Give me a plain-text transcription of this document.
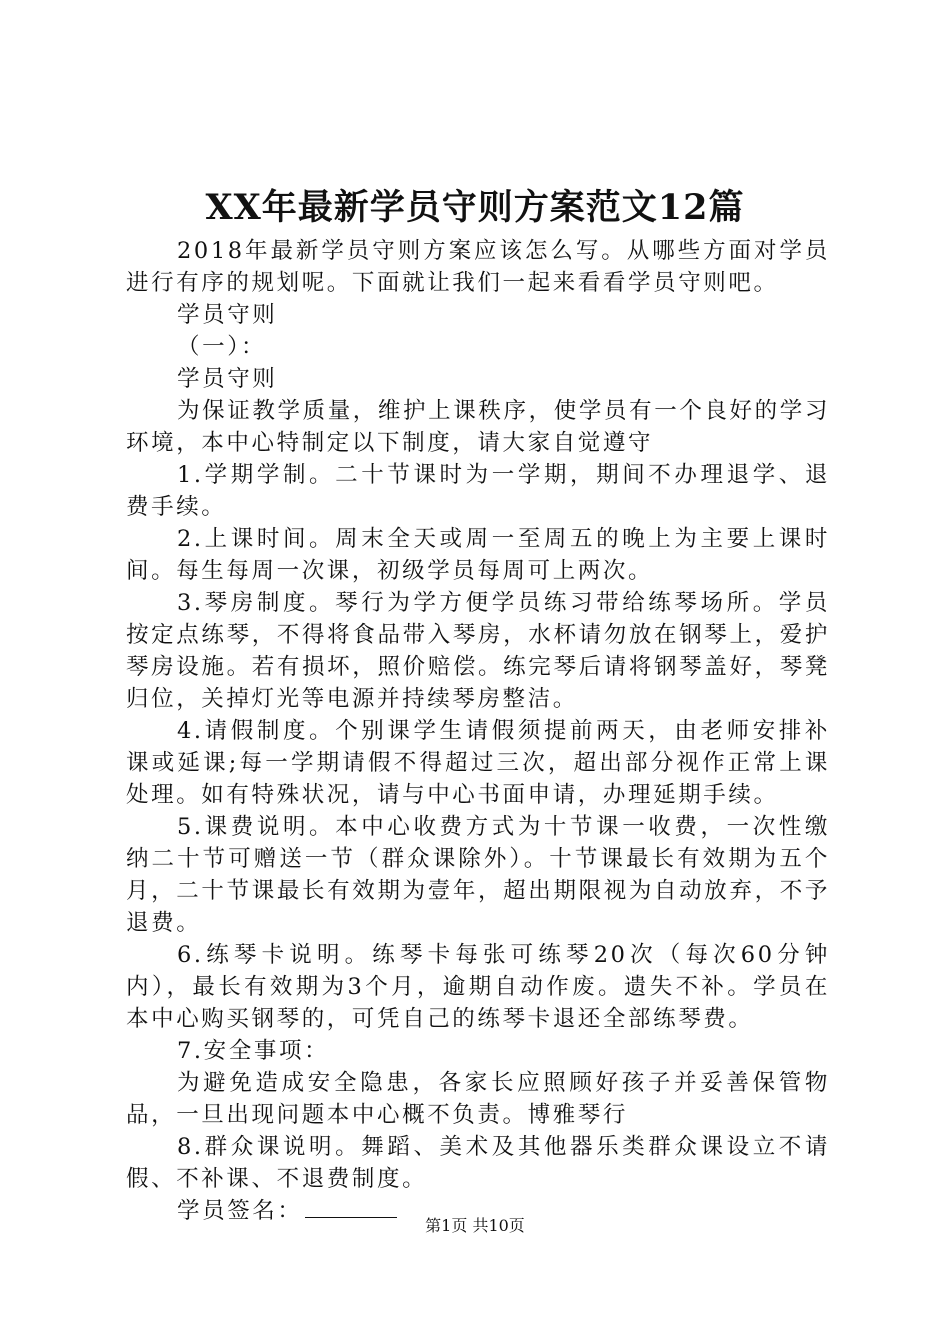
XX年最新学员守则方案范文12篇

2018年最新学员守则方案应该怎么写。从哪些方面对学员进行有序的规划呢。下面就让我们一起来看看学员守则吧。

学员守则

（一）：

学员守则

为保证教学质量，维护上课秩序，使学员有一个良好的学习环境，本中心特制定以下制度，请大家自觉遵守

1.学期学制。二十节课时为一学期，期间不办理退学、退费手续。

2.上课时间。周末全天或周一至周五的晚上为主要上课时间。每生每周一次课，初级学员每周可上两次。

3.琴房制度。琴行为学方便学员练习带给练琴场所。学员按定点练琴，不得将食品带入琴房，水杯请勿放在钢琴上，爱护琴房设施。若有损坏，照价赔偿。练完琴后请将钢琴盖好，琴凳归位，关掉灯光等电源并持续琴房整洁。

4.请假制度。个别课学生请假须提前两天，由老师安排补课或延课;每一学期请假不得超过三次，超出部分视作正常上课处理。如有特殊状况，请与中心书面申请，办理延期手续。

5.课费说明。本中心收费方式为十节课一收费，一次性缴纳二十节可赠送一节（群众课除外）。十节课最长有效期为五个月，二十节课最长有效期为壹年，超出期限视为自动放弃，不予退费。

6.练琴卡说明。练琴卡每张可练琴20次（每次60分钟内），最长有效期为3个月，逾期自动作废。遗失不补。学员在本中心购买钢琴的，可凭自己的练琴卡退还全部练琴费。

7.安全事项：

为避免造成安全隐患，各家长应照顾好孩子并妥善保管物品，一旦出现问题本中心概不负责。博雅琴行

8.群众课说明。舞蹈、美术及其他器乐类群众课设立不请假、不补课、不退费制度。

学员签名：

第1页 共10页
